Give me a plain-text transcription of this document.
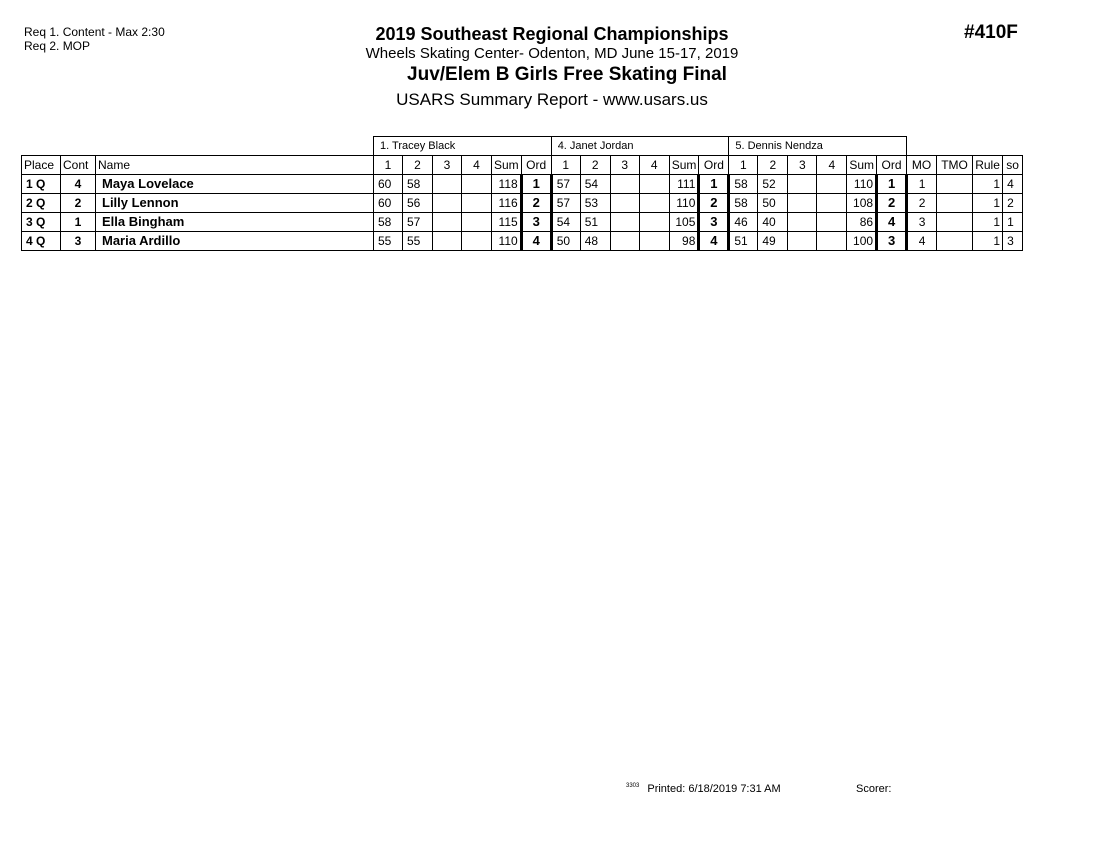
Req 1. Content - Max 2:30
Req 2. MOP
#410F
2019 Southeast Regional Championships
Wheels Skating Center- Odenton, MD June 15-17, 2019
Juv/Elem B Girls Free Skating Final
USARS Summary Report - www.usars.us
			1. Tracey Black						4. Janet Jordan						5. Dennis Nendza									
Place	Cont	Name	1	2	3	4	Sum	Ord	1	2	3	4	Sum	Ord	1	2	3	4	Sum	Ord	MO	TMO	Rule	so
1 Q	4	Maya Lovelace	60	58			118	1	57	54			111	1	58	52			110	1	1		1	4
2 Q	2	Lilly Lennon	60	56			116	2	57	53			110	2	58	50			108	2	2		1	2
3 Q	1	Ella Bingham	58	57			115	3	54	51			105	3	46	40			86	4	3		1	1
4 Q	3	Maria Ardillo	55	55			110	4	50	48			98	4	51	49			100	3	4		1	3
$^{3303}$ Printed: 6/18/2019 7:31 AM	Scorer:
